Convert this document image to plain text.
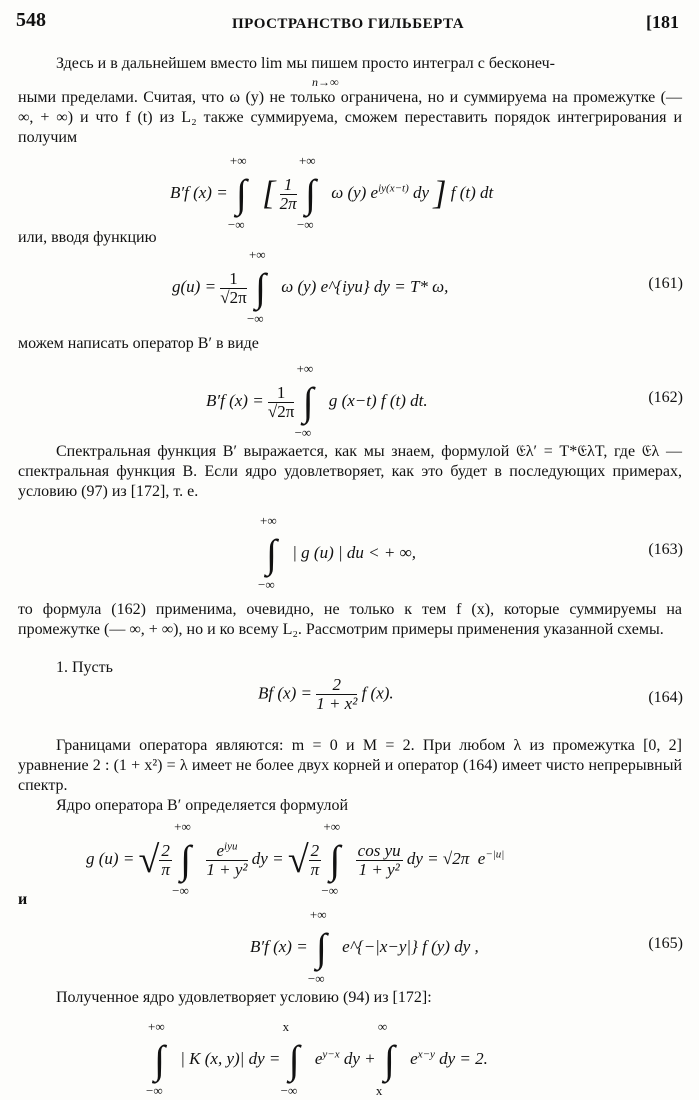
548	ПРОСТРАНСТВО ГИЛЬБЕРТА	[181

Здесь и в дальнейшем вместо lim мы пишем просто интеграл с бесконеч-

n→∞

ными пределами. Считая, что ω (y) не только ограничена, но и суммируема на промежутке (— ∞, + ∞) и что f (t) из L₂ также суммируема, сможем переставить порядок интегрирования и получим

B′f (x) =
+∞
∫
−∞
[ $\frac{1}{2\pi}$

+∞
∫
−∞
ω (y) $e^{iy(x-t)}$ dy ] f (t) dt

или, вводя функцию

$g(u) = \frac{1}{√2\pi}$

+∞
∫
−∞
ω (y) e^{iyu} dy = T* ω,	(161)

можем написать оператор B′ в виде

B′f $(x) = \frac{1}{√2\pi}$

+∞
∫
−∞
g (x−t) f (t) dt.	(162)

Спектральная функция B′ выражается, как мы знаем, формулой 𝔈λ′ = T*𝔈λT, где 𝔈λ — спектральная функция B. Если ядро удовлетворяет, как это будет в последующих примерах, условию (97) из [172], т. е.

+∞
∫
−∞
| g (u) | du < + ∞,	(163)

то формула (162) применима, очевидно, не только к тем f (x), которые суммируемы на промежутке (— ∞, + ∞), но и ко всему L₂. Рассмотрим примеры применения указанной схемы.

1. Пусть

Bf $(x) = \frac{2}{\text{1 + x²}}$ f (x).	(164)

Границами оператора являются: m = 0 и M = 2. При любом λ из промежутка [0, 2] уравнение 2 : (1 + x²) = λ имеет не более двух корней и оператор (164) имеет чисто непрерывный спектр.

Ядро оператора B′ определяется формулой

g (u) = √ $\frac{2}{\pi}$

+∞
∫
−∞

$e^{iyu}$
1 + y²
dy = √ $\frac{2}{\pi}$

+∞
∫
−∞

$\frac{\text{cos yu}}{\text{1 + y²}}$ dy = √2π  $e^{-|u|}$

и

B′f (x) =
+∞
∫
−∞
e^{−|x−y|} f (y) dy ,	(165)

Полученное ядро удовлетворяет условию (94) из [172]:

+∞
∫
−∞
| K (x, y)| dy =
x
∫
−∞
$e^{y-x}$ dy +
∞
∫
x
$e^{x-y}$ dy = 2.
